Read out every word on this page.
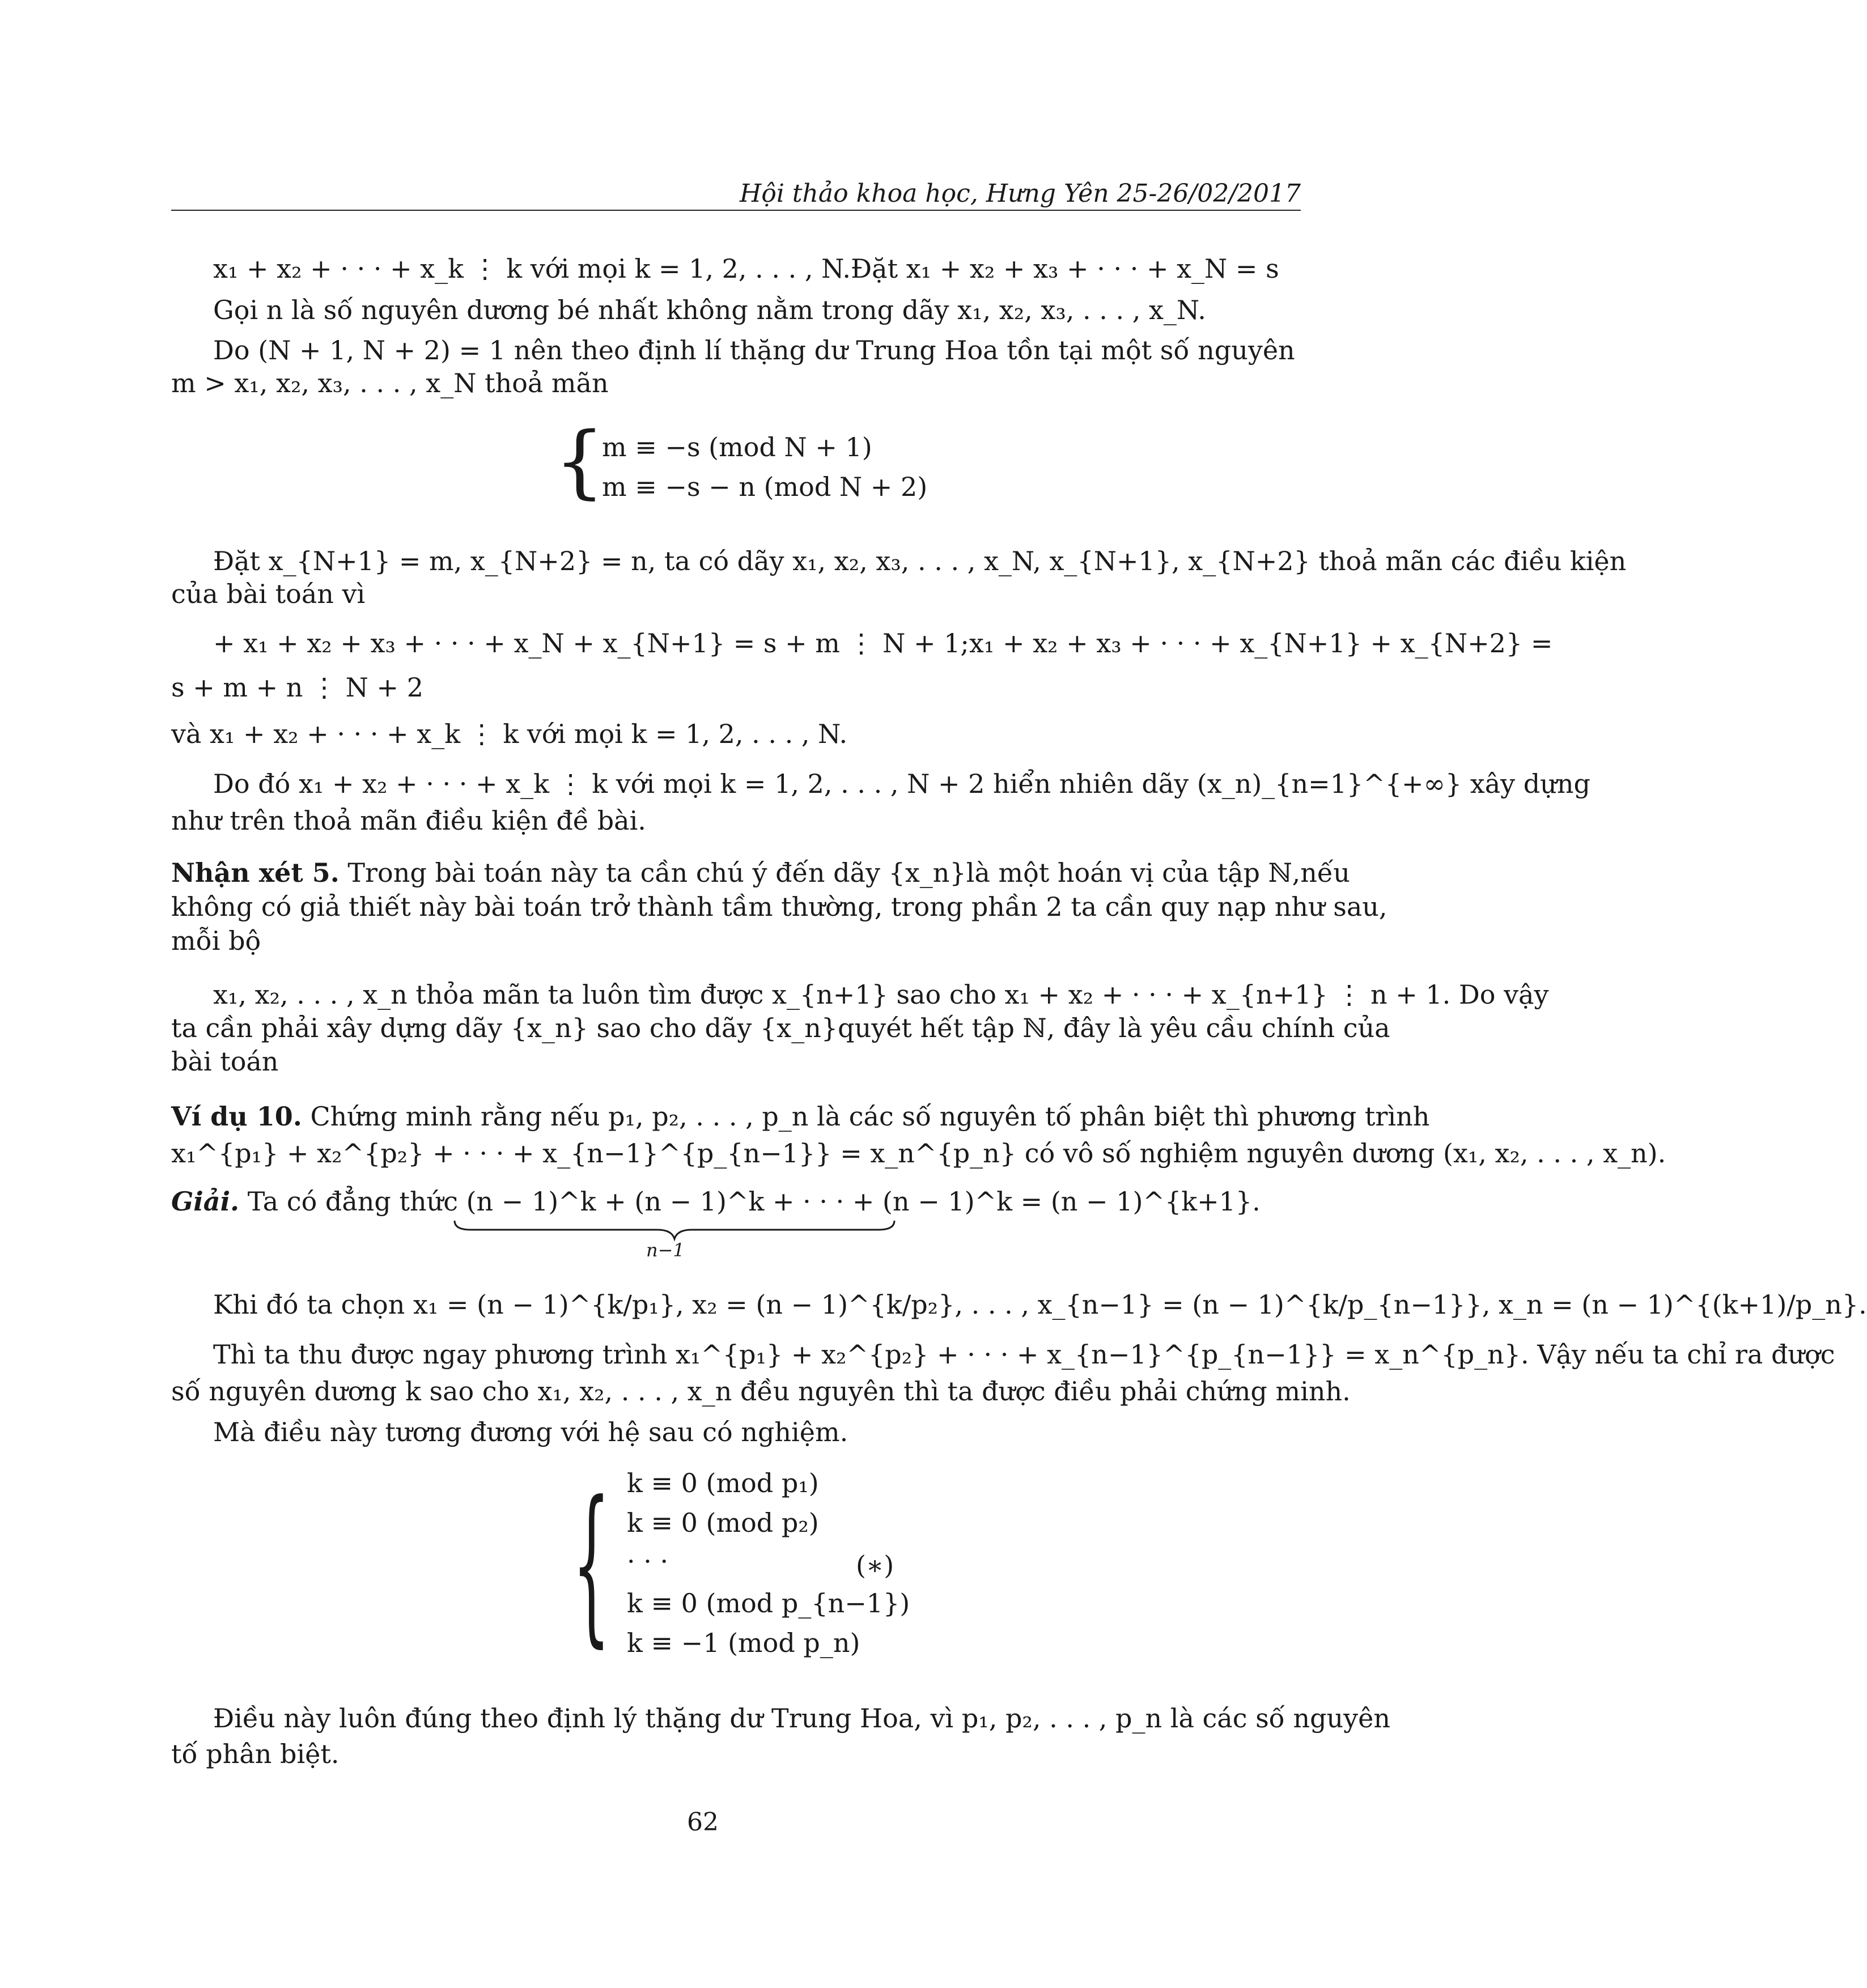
Hội thảo khoa học, Hưng Yên 25-26/02/2017
x₁ + x₂ + · · · + x_k ⋮ k với mọi k = 1, 2, . . . , N.Đặt x₁ + x₂ + x₃ + · · · + x_N = s
Gọi n là số nguyên dương bé nhất không nằm trong dãy x₁, x₂, x₃, . . . , x_N.
Do (N + 1, N + 2) = 1 nên theo định lí thặng dư Trung Hoa tồn tại một số nguyên
m > x₁, x₂, x₃, . . . , x_N thoả mãn
{
m ≡ −s (mod N + 1)
m ≡ −s − n (mod N + 2)
Đặt x_{N+1} = m, x_{N+2} = n, ta có dãy x₁, x₂, x₃, . . . , x_N, x_{N+1}, x_{N+2} thoả mãn các điều kiện
của bài toán vì
+ x₁ + x₂ + x₃ + · · · + x_N + x_{N+1} = s + m ⋮ N + 1;x₁ + x₂ + x₃ + · · · + x_{N+1} + x_{N+2} =
s + m + n ⋮ N + 2
và x₁ + x₂ + · · · + x_k ⋮ k với mọi k = 1, 2, . . . , N.
Do đó x₁ + x₂ + · · · + x_k ⋮ k với mọi k = 1, 2, . . . , N + 2 hiển nhiên dãy (x_n)_{n=1}^{+∞} xây dựng
như trên thoả mãn điều kiện đề bài.
Nhận xét 5. Trong bài toán này ta cần chú ý đến dãy {x_n}là một hoán vị của tập ℕ,nếu
không có giả thiết này bài toán trở thành tầm thường, trong phần 2 ta cần quy nạp như sau,
mỗi bộ
x₁, x₂, . . . , x_n thỏa mãn ta luôn tìm được x_{n+1} sao cho x₁ + x₂ + · · · + x_{n+1} ⋮ n + 1. Do vậy
ta cần phải xây dựng dãy {x_n} sao cho dãy {x_n}quyét hết tập ℕ, đây là yêu cầu chính của
bài toán
Ví dụ 10. Chứng minh rằng nếu p₁, p₂, . . . , p_n là các số nguyên tố phân biệt thì phương trình
x₁^{p₁} + x₂^{p₂} + · · · + x_{n−1}^{p_{n−1}} = x_n^{p_n} có vô số nghiệm nguyên dương (x₁, x₂, . . . , x_n).
Giải. Ta có đẳng thức (n − 1)^k + (n − 1)^k + · · · + (n − 1)^k = (n − 1)^{k+1}.
n−1
Khi đó ta chọn x₁ = (n − 1)^{k/p₁}, x₂ = (n − 1)^{k/p₂}, . . . , x_{n−1} = (n − 1)^{k/p_{n−1}}, x_n = (n − 1)^{(k+1)/p_n}.
Thì ta thu được ngay phương trình x₁^{p₁} + x₂^{p₂} + · · · + x_{n−1}^{p_{n−1}} = x_n^{p_n}. Vậy nếu ta chỉ ra được
số nguyên dương k sao cho x₁, x₂, . . . , x_n đều nguyên thì ta được điều phải chứng minh.
Mà điều này tương đương với hệ sau có nghiệm.
{ k ≡ 0 (mod p₁)
k ≡ 0 (mod p₂)
· · ·	(∗)
k ≡ 0 (mod p_{n−1})
k ≡ −1 (mod p_n)
Điều này luôn đúng theo định lý thặng dư Trung Hoa, vì p₁, p₂, . . . , p_n là các số nguyên
tố phân biệt.
62
